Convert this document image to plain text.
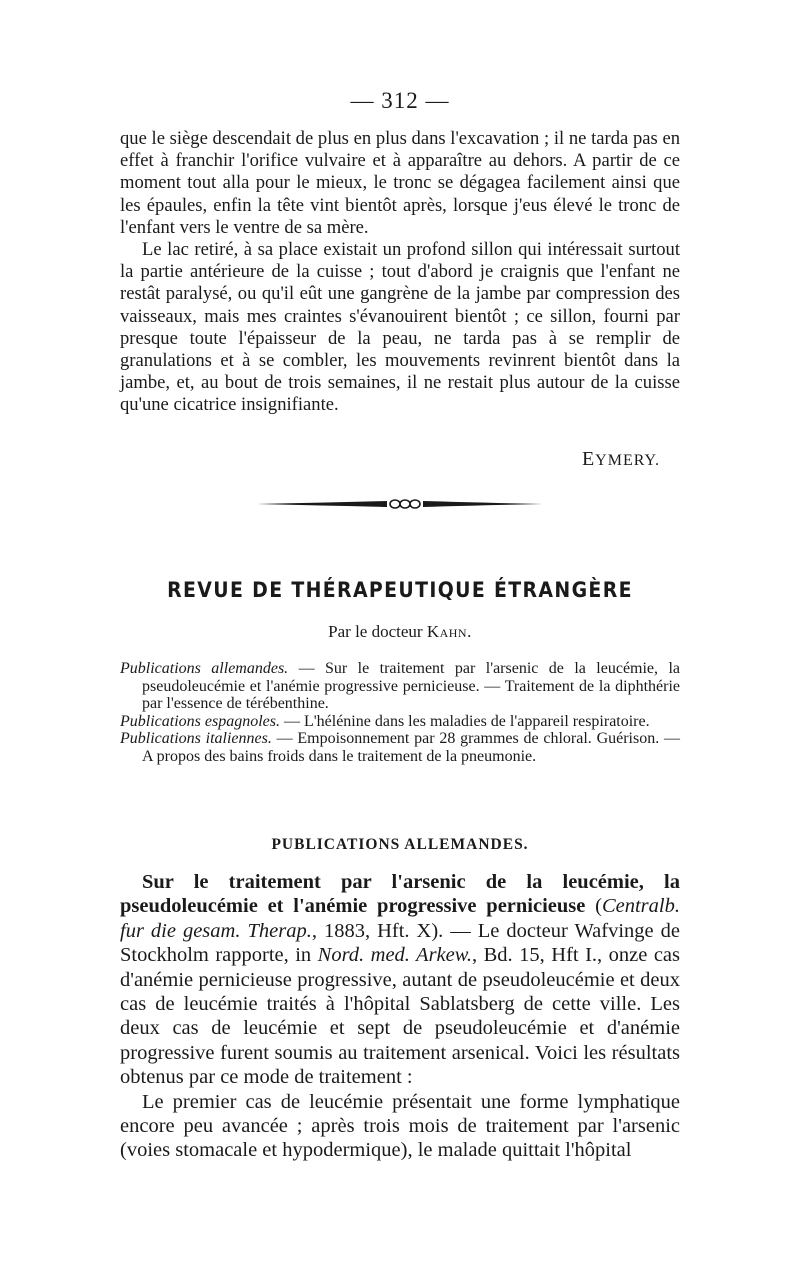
— 312 —

que le siège descendait de plus en plus dans l'excavation ; il ne tarda pas en effet à franchir l'orifice vulvaire et à apparaître au dehors. A partir de ce moment tout alla pour le mieux, le tronc se dégagea facilement ainsi que les épaules, enfin la tête vint bientôt après, lorsque j'eus élevé le tronc de l'enfant vers le ventre de sa mère.

Le lac retiré, à sa place existait un profond sillon qui intéressait surtout la partie antérieure de la cuisse ; tout d'abord je craignis que l'enfant ne restât paralysé, ou qu'il eût une gangrène de la jambe par compression des vaisseaux, mais mes craintes s'évanouirent bientôt ; ce sillon, fourni par presque toute l'épaisseur de la peau, ne tarda pas à se remplir de granulations et à se combler, les mouvements revinrent bientôt dans la jambe, et, au bout de trois semaines, il ne restait plus autour de la cuisse qu'une cicatrice insignifiante.

EYMERY.
REVUE DE THÉRAPEUTIQUE ÉTRANGÈRE
Par le docteur Kahn.

Publications allemandes. — Sur le traitement par l'arsenic de la leucémie, la pseudoleucémie et l'anémie progressive pernicieuse. — Traitement de la diphthérie par l'essence de térébenthine.

Publications espagnoles. — L'hélénine dans les maladies de l'appareil respiratoire.

Publications italiennes. — Empoisonnement par 28 grammes de chloral. Guérison. — A propos des bains froids dans le traitement de la pneumonie.

PUBLICATIONS ALLEMANDES.

Sur le traitement par l'arsenic de la leucémie, la pseudoleucémie et l'anémie progressive pernicieuse (Centralb. fur die gesam. Therap., 1883, Hft. X). — Le docteur Wafvinge de Stockholm rapporte, in Nord. med. Arkew., Bd. 15, Hft I., onze cas d'anémie pernicieuse progressive, autant de pseudoleucémie et deux cas de leucémie traités à l'hôpital Sablatsberg de cette ville. Les deux cas de leucémie et sept de pseudoleucémie et d'anémie progressive furent soumis au traitement arsenical. Voici les résultats obtenus par ce mode de traitement :

Le premier cas de leucémie présentait une forme lymphatique encore peu avancée ; après trois mois de traitement par l'arsenic (voies stomacale et hypodermique), le malade quittait l'hôpital
